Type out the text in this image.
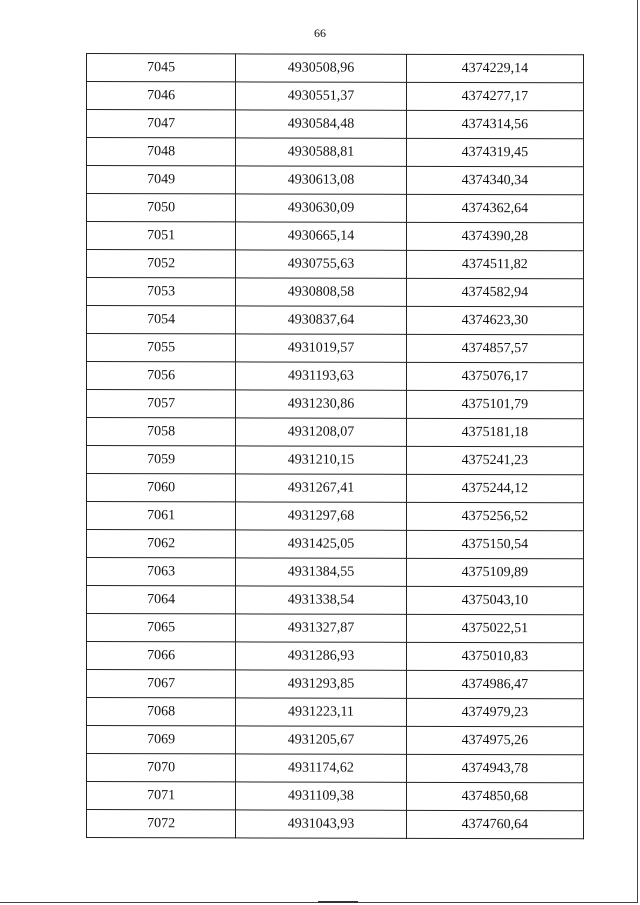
66
7045	4930508,96	4374229,14
7046	4930551,37	4374277,17
7047	4930584,48	4374314,56
7048	4930588,81	4374319,45
7049	4930613,08	4374340,34
7050	4930630,09	4374362,64
7051	4930665,14	4374390,28
7052	4930755,63	4374511,82
7053	4930808,58	4374582,94
7054	4930837,64	4374623,30
7055	4931019,57	4374857,57
7056	4931193,63	4375076,17
7057	4931230,86	4375101,79
7058	4931208,07	4375181,18
7059	4931210,15	4375241,23
7060	4931267,41	4375244,12
7061	4931297,68	4375256,52
7062	4931425,05	4375150,54
7063	4931384,55	4375109,89
7064	4931338,54	4375043,10
7065	4931327,87	4375022,51
7066	4931286,93	4375010,83
7067	4931293,85	4374986,47
7068	4931223,11	4374979,23
7069	4931205,67	4374975,26
7070	4931174,62	4374943,78
7071	4931109,38	4374850,68
7072	4931043,93	4374760,64
